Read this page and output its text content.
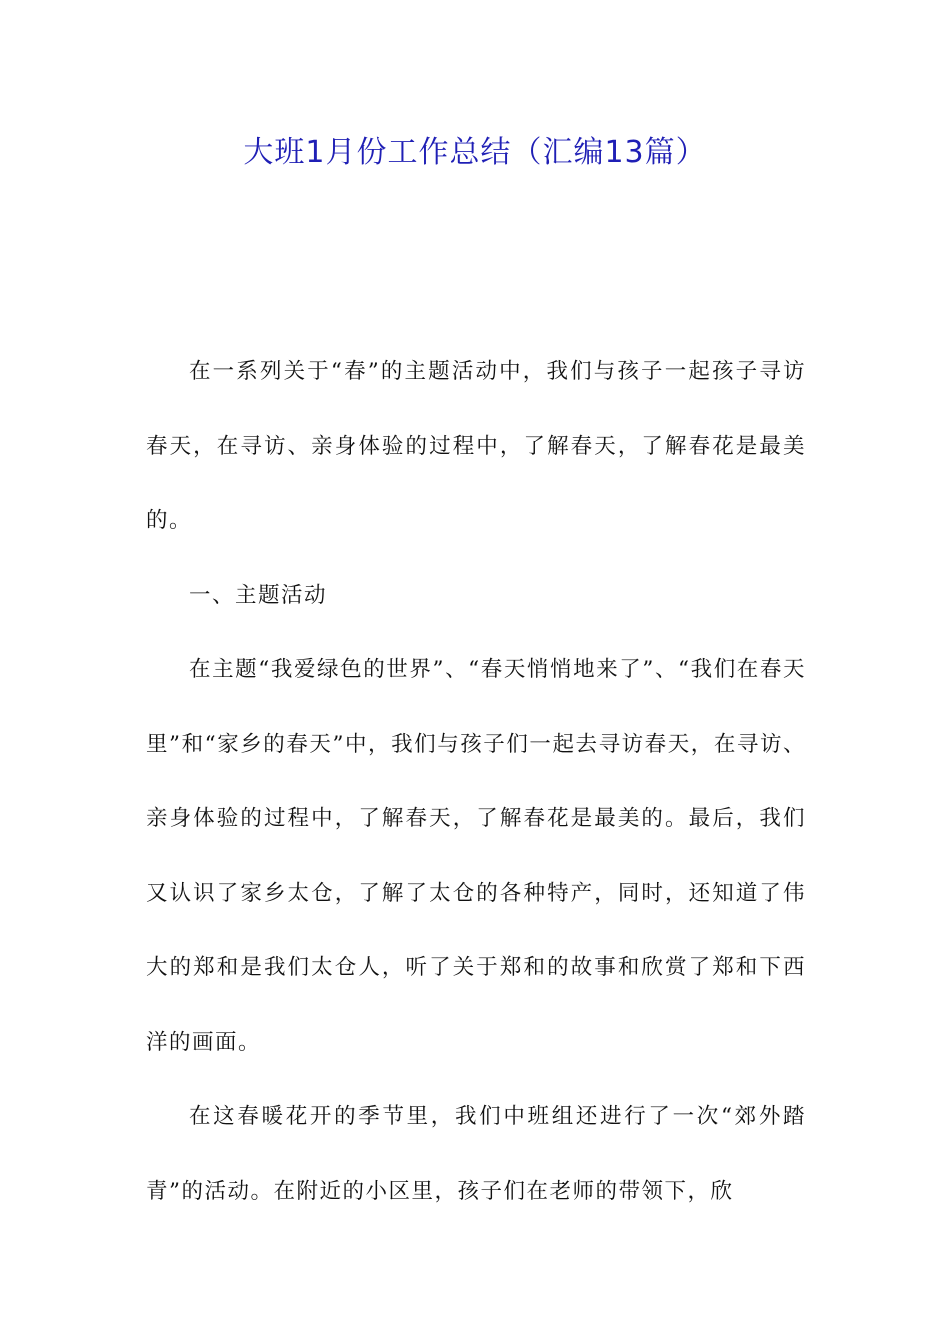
大班1月份工作总结（汇编13篇）

在一系列关于“春”的主题活动中，我们与孩子一起孩子寻访春天，在寻访、亲身体验的过程中，了解春天，了解春花是最美的。

一、主题活动

在主题“我爱绿色的世界”、“春天悄悄地来了”、“我们在春天里”和“家乡的春天”中，我们与孩子们一起去寻访春天，在寻访、亲身体验的过程中，了解春天，了解春花是最美的。最后，我们又认识了家乡太仓，了解了太仓的各种特产，同时，还知道了伟大的郑和是我们太仓人，听了关于郑和的故事和欣赏了郑和下西洋的画面。

在这春暖花开的季节里，我们中班组还进行了一次“郊外踏青”的活动。在附近的小区里，孩子们在老师的带领下，欣
